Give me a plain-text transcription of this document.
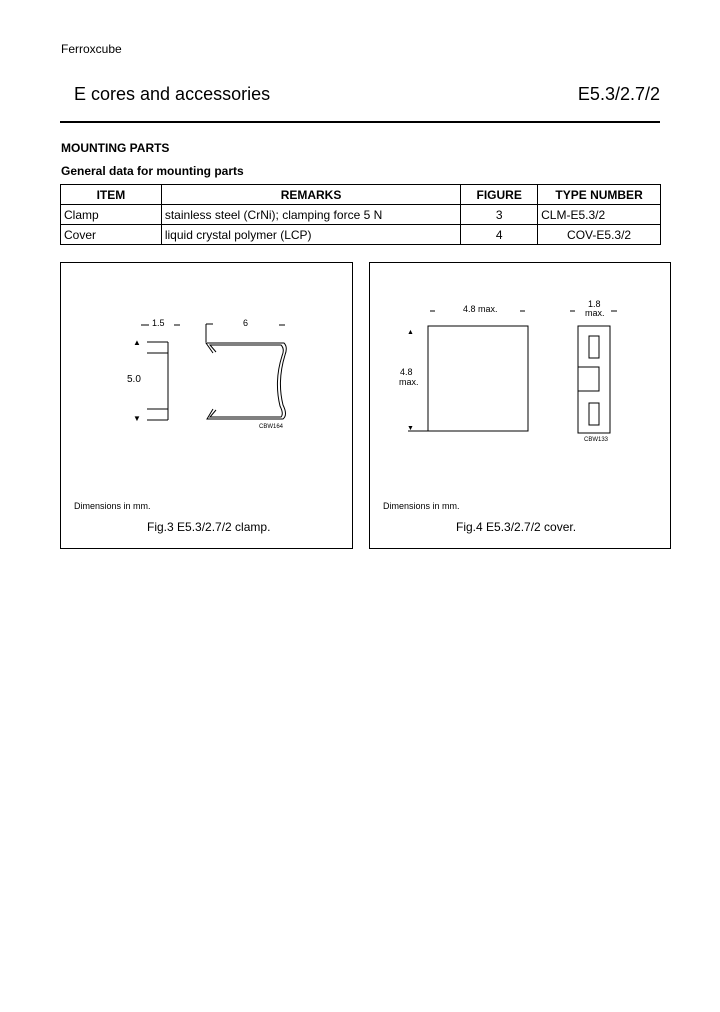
Ferroxcube
E cores and accessories	E5.3/2.7/2
MOUNTING PARTS
General data for mounting parts
ITEM	REMARKS	FIGURE	TYPE NUMBER
Clamp	stainless steel (CrNi); clamping force 5 N	3	CLM-E5.3/2
Cover	liquid crystal polymer (LCP)	4	COV-E5.3/2
▲
▼
1.5	6
5.0
CBW164
Dimensions in mm.
Fig.3 E5.3/2.7/2 clamp.
▲
▼
4.8 max.
4.8
max.
1.8
max.
CBW133
Dimensions in mm.
Fig.4 E5.3/2.7/2 cover.
